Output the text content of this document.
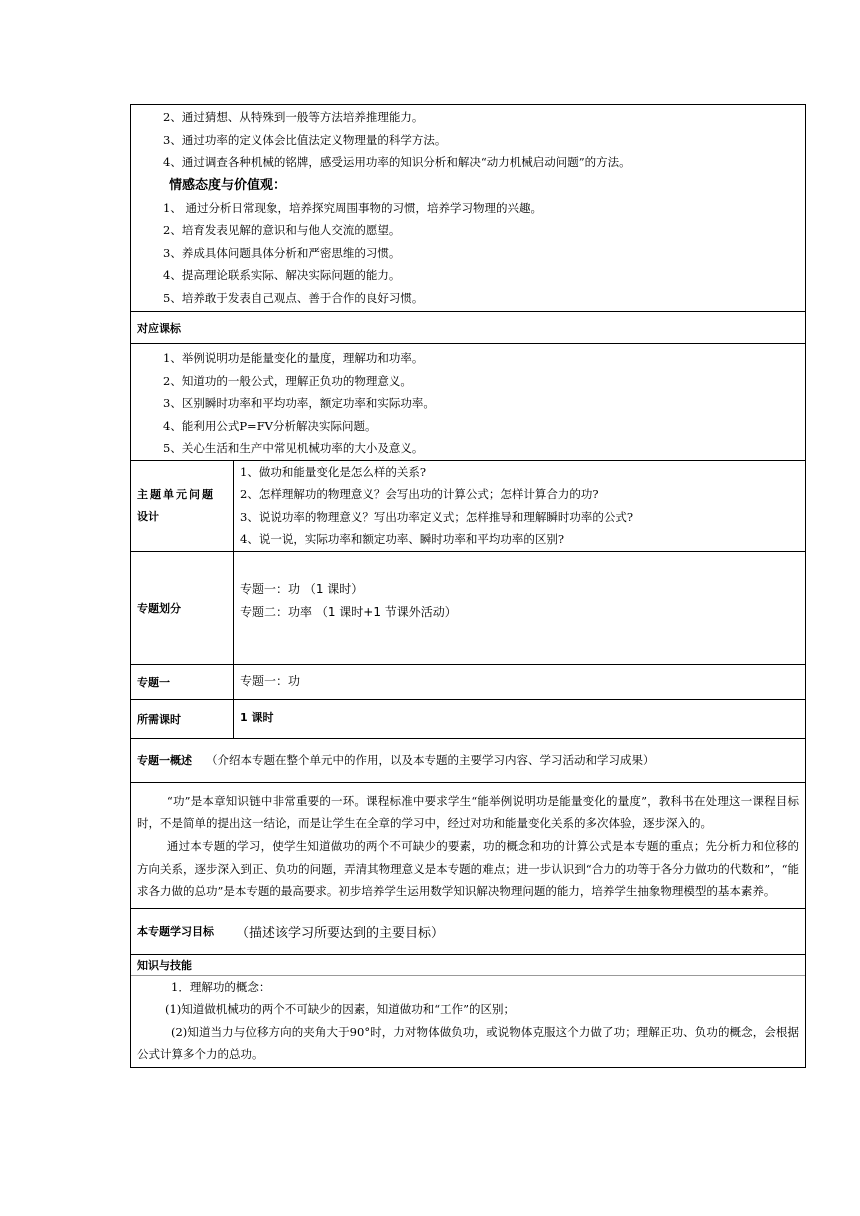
2、通过猜想、从特殊到一般等方法培养推理能力。
3、通过功率的定义体会比值法定义物理量的科学方法。
4、通过调查各种机械的铭牌，感受运用功率的知识分析和解决“动力机械启动问题”的方法。
情感态度与价值观：
1、 通过分析日常现象，培养探究周围事物的习惯，培养学习物理的兴趣。
2、培育发表见解的意识和与他人交流的愿望。
3、养成具体问题具体分析和严密思维的习惯。
4、提高理论联系实际、解决实际问题的能力。
5、培养敢于发表自己观点、善于合作的良好习惯。
对应课标
1、举例说明功是能量变化的量度，理解功和功率。
2、知道功的一般公式，理解正负功的物理意义。
3、区别瞬时功率和平均功率，额定功率和实际功率。
4、能利用公式P=FV分析解决实际问题。
5、关心生活和生产中常见机械功率的大小及意义。
主题单元问题
设计
1、做功和能量变化是怎么样的关系?
2、怎样理解功的物理意义？会写出功的计算公式；怎样计算合力的功?
3、说说功率的物理意义？写出功率定义式；怎样推导和理解瞬时功率的公式?
4、说一说，实际功率和额定功率、瞬时功率和平均功率的区别?
专题划分
专题一：功 （1 课时）
专题二：功率 （1 课时+1 节课外活动）
专题一	专题一：功
所需课时	1 课时
专题一概述 （介绍本专题在整个单元中的作用，以及本专题的主要学习内容、学习活动和学习成果）
“功”是本章知识链中非常重要的一环。课程标准中要求学生“能举例说明功是能量变化的量度”，教科书在处理这一课程目标时，不是简单的提出这一结论，而是让学生在全章的学习中，经过对功和能量变化关系的多次体验，逐步深入的。
通过本专题的学习，使学生知道做功的两个不可缺少的要素，功的概念和功的计算公式是本专题的重点；先分析力和位移的方向关系，逐步深入到正、负功的问题，弄清其物理意义是本专题的难点；进一步认识到“合力的功等于各分力做功的代数和”，“能求各力做的总功”是本专题的最高要求。初步培养学生运用数学知识解决物理问题的能力，培养学生抽象物理模型的基本素养。
本专题学习目标 （描述该学习所要达到的主要目标）
知识与技能
1．理解功的概念：
(1)知道做机械功的两个不可缺少的因素，知道做功和“工作”的区别；
(2)知道当力与位移方向的夹角大于90°时，力对物体做负功，或说物体克服这个力做了功；理解正功、负功的概念，会根据公式计算多个力的总功。
